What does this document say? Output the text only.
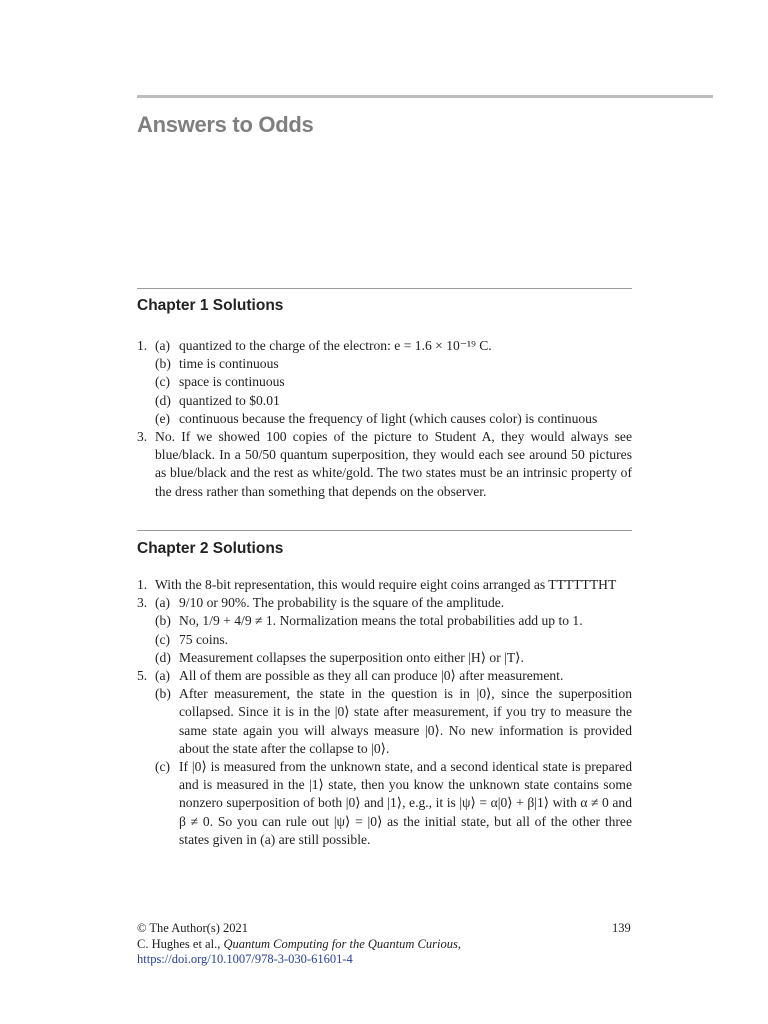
Answers to Odds
Chapter 1 Solutions
1. (a) quantized to the charge of the electron: e = 1.6 × 10⁻¹⁹ C.
(b) time is continuous
(c) space is continuous
(d) quantized to $0.01
(e) continuous because the frequency of light (which causes color) is continuous
3. No. If we showed 100 copies of the picture to Student A, they would always see blue/black. In a 50/50 quantum superposition, they would each see around 50 pictures as blue/black and the rest as white/gold. The two states must be an intrinsic property of the dress rather than something that depends on the observer.
Chapter 2 Solutions
1. With the 8-bit representation, this would require eight coins arranged as TTTTTTHT
3. (a) 9/10 or 90%. The probability is the square of the amplitude.
(b) No, 1/9 + 4/9 ≠ 1. Normalization means the total probabilities add up to 1.
(c) 75 coins.
(d) Measurement collapses the superposition onto either |H⟩ or |T⟩.
5. (a) All of them are possible as they all can produce |0⟩ after measurement.
(b) After measurement, the state in the question is in |0⟩, since the superposition collapsed. Since it is in the |0⟩ state after measurement, if you try to measure the same state again you will always measure |0⟩. No new information is provided about the state after the collapse to |0⟩.
(c) If |0⟩ is measured from the unknown state, and a second identical state is prepared and is measured in the |1⟩ state, then you know the unknown state contains some nonzero superposition of both |0⟩ and |1⟩, e.g., it is |ψ⟩ = α|0⟩ + β|1⟩ with α ≠ 0 and β ≠ 0. So you can rule out |ψ⟩ = |0⟩ as the initial state, but all of the other three states given in (a) are still possible.
© The Author(s) 2021
C. Hughes et al., Quantum Computing for the Quantum Curious,
https://doi.org/10.1007/978-3-030-61601-4
139
